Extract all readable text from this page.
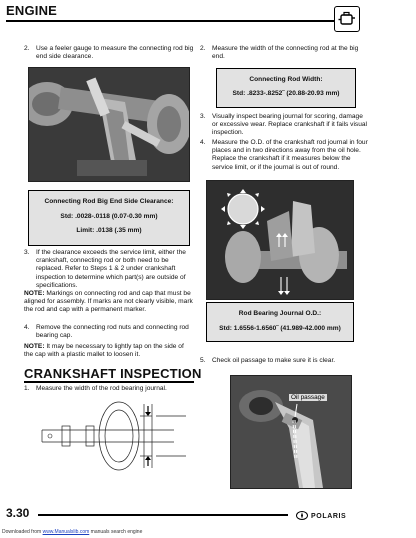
ENGINE
2. Use a feeler gauge to measure the connecting rod big end side clearance.
Connecting Rod Big End Side Clearance:
Std: .0028-.0118 (0.07-0.30 mm)
Limit: .0138 (.35 mm)
3. If the clearance exceeds the service limit, either the crankshaft, connecting rod or both need to be replaced. Refer to Steps 1 & 2 under crankshaft inspection to determine which part(s) are outside of specifications.
NOTE: Markings on connecting rod and cap that must be aligned for assembly. If marks are not clearly visible, mark the rod and cap with a permanent marker.
4. Remove the connecting rod nuts and connecting rod bearing cap.
NOTE: It may be necessary to lightly tap on the side of the cap with a plastic mallet to loosen it.
CRANKSHAFT INSPECTION
1. Measure the width of the rod bearing journal.
2. Measure the width of the connecting rod at the big end.
Connecting Rod Width:
Std: .8233-.8252˝ (20.88-20.93 mm)
3. Visually inspect bearing journal for scoring, damage or excessive wear. Replace crankshaft if it fails visual inspection.
4. Measure the O.D. of the crankshaft rod journal in four places and in two directions away from the oil hole. Replace the crankshaft if it measures below the service limit, or if the journal is out of round.
Rod Bearing Journal O.D.:
Std: 1.6556-1.6560˝ (41.989-42.000 mm)
5. Check oil passage to make sure it is clear.
Oil passage
3.30	POLARIS
Downloaded from www.Manualslib.com manuals search engine
